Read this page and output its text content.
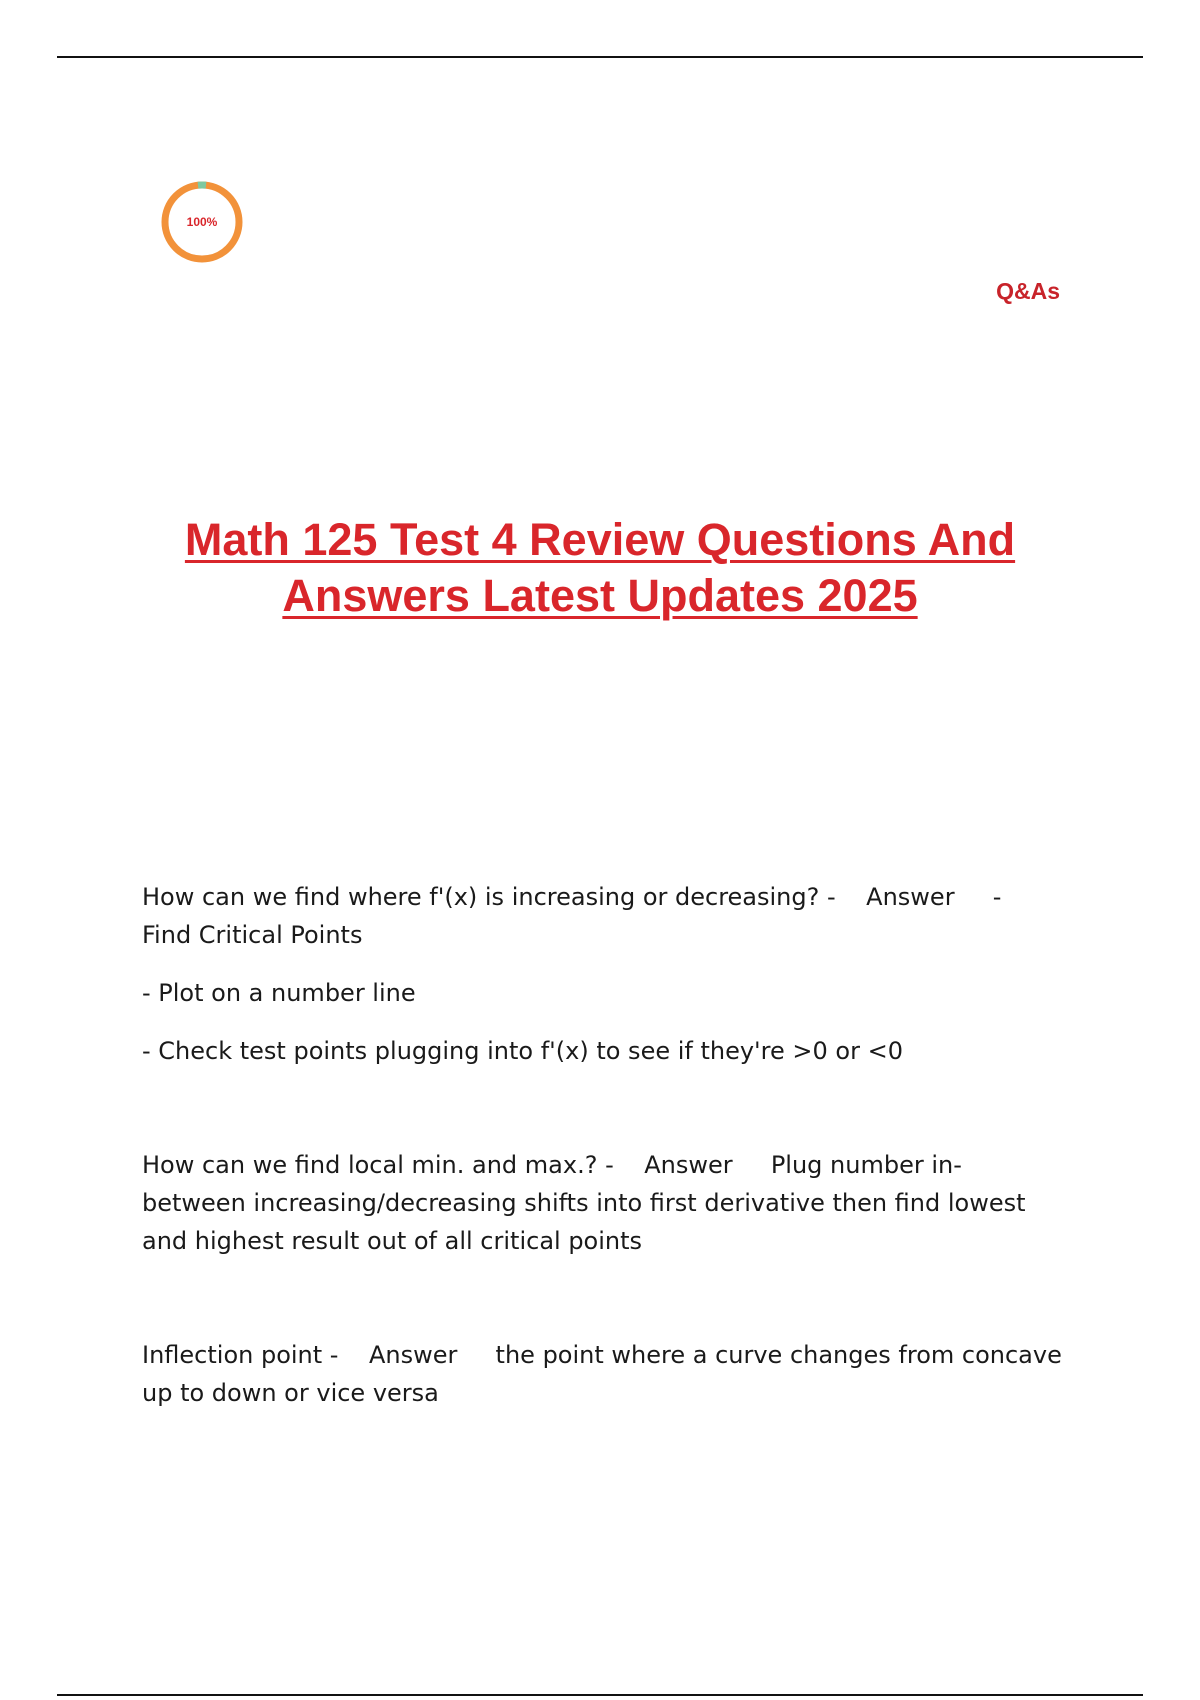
100%
Q&As
Math 125 Test 4 Review Questions And Answers Latest Updates 2025

How can we find where f'(x) is increasing or decreasing? - Answer -
Find Critical Points

- Plot on a number line

- Check test points plugging into f'(x) to see if they're >0 or <0

How can we find local min. and max.? - Answer Plug number in-between increasing/decreasing shifts into first derivative then find lowest and highest result out of all critical points

Inflection point - Answer the point where a curve changes from concave up to down or vice versa
